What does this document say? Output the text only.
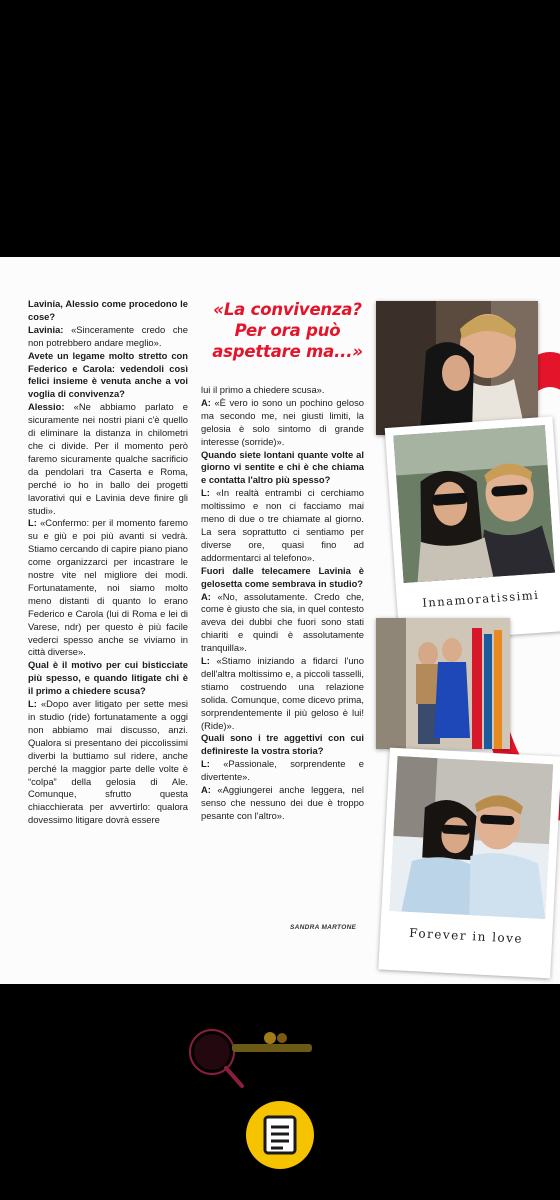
Lavinia, Alessio come procedono le cose?

Lavinia: «Sinceramente credo che non potrebbero andare meglio».

Avete un legame molto stretto con Federico e Carola: vedendoli così felici insieme è venuta anche a voi voglia di convivenza?

Alessio: «Ne abbiamo parlato e sicuramente nei nostri piani c'è quello di eliminare la distanza in chilometri che ci divide. Per il momento però faremo sicuramente qualche sacrificio da pendolari tra Caserta e Roma, perché io ho in ballo dei progetti lavorativi qui e Lavinia deve finire gli studi».

L: «Confermo: per il momento faremo su e giù e poi più avanti si vedrà. Stiamo cercando di capire piano piano come organizzarci per incastrare le nostre vite nel migliore dei modi. Fortunatamente, noi siamo molto meno distanti di quanto lo erano Federico e Carola (lui di Roma e lei di Varese, ndr) per questo è più facile vederci spesso anche se viviamo in città diverse».

Qual è il motivo per cui bisticciate più spesso, e quando litigate chi è il primo a chiedere scusa?

L: «Dopo aver litigato per sette mesi in studio (ride) fortunatamente a oggi non abbiamo mai discusso, anzi. Qualora si presentano dei piccolissimi diverbi la buttiamo sul ridere, anche perché la maggior parte delle volte è “colpa” della gelosia di Ale. Comunque, sfrutto questa chiacchierata per avvertirlo: qualora dovessimo litigare dovrà essere

«La convivenza? Per ora può aspettare ma...»

lui il primo a chiedere scusa».

A: «È vero io sono un pochino geloso ma secondo me, nei giusti limiti, la gelosia è solo sintomo di grande interesse (sorride)».

Quando siete lontani quante volte al giorno vi sentite e chi è che chiama e contatta l'altro più spesso?

L: «In realtà entrambi ci cerchiamo moltissimo e non ci facciamo mai meno di due o tre chiamate al giorno. La sera soprattutto ci sentiamo per diverse ore, quasi fino ad addormentarci al telefono».

Fuori dalle telecamere Lavinia è gelosetta come sembrava in studio?

A: «No, assolutamente. Credo che, come è giusto che sia, in quel contesto aveva dei dubbi che fuori sono stati chiariti e quindi è assolutamente tranquilla».

L: «Stiamo iniziando a fidarci l'uno dell'altra moltissimo e, a piccoli tasselli, stiamo costruendo una relazione solida. Comunque, come dicevo prima, sorprendentemente il più geloso è lui! (Ride)».

Quali sono i tre aggettivi con cui definireste la vostra storia?

L: «Passionale, sorprendente e divertente».

A: «Aggiungerei anche leggera, nel senso che nessuno dei due è troppo pesante con l'altro».

SANDRA MARTONE
Innamoratissimi
Forever in love
